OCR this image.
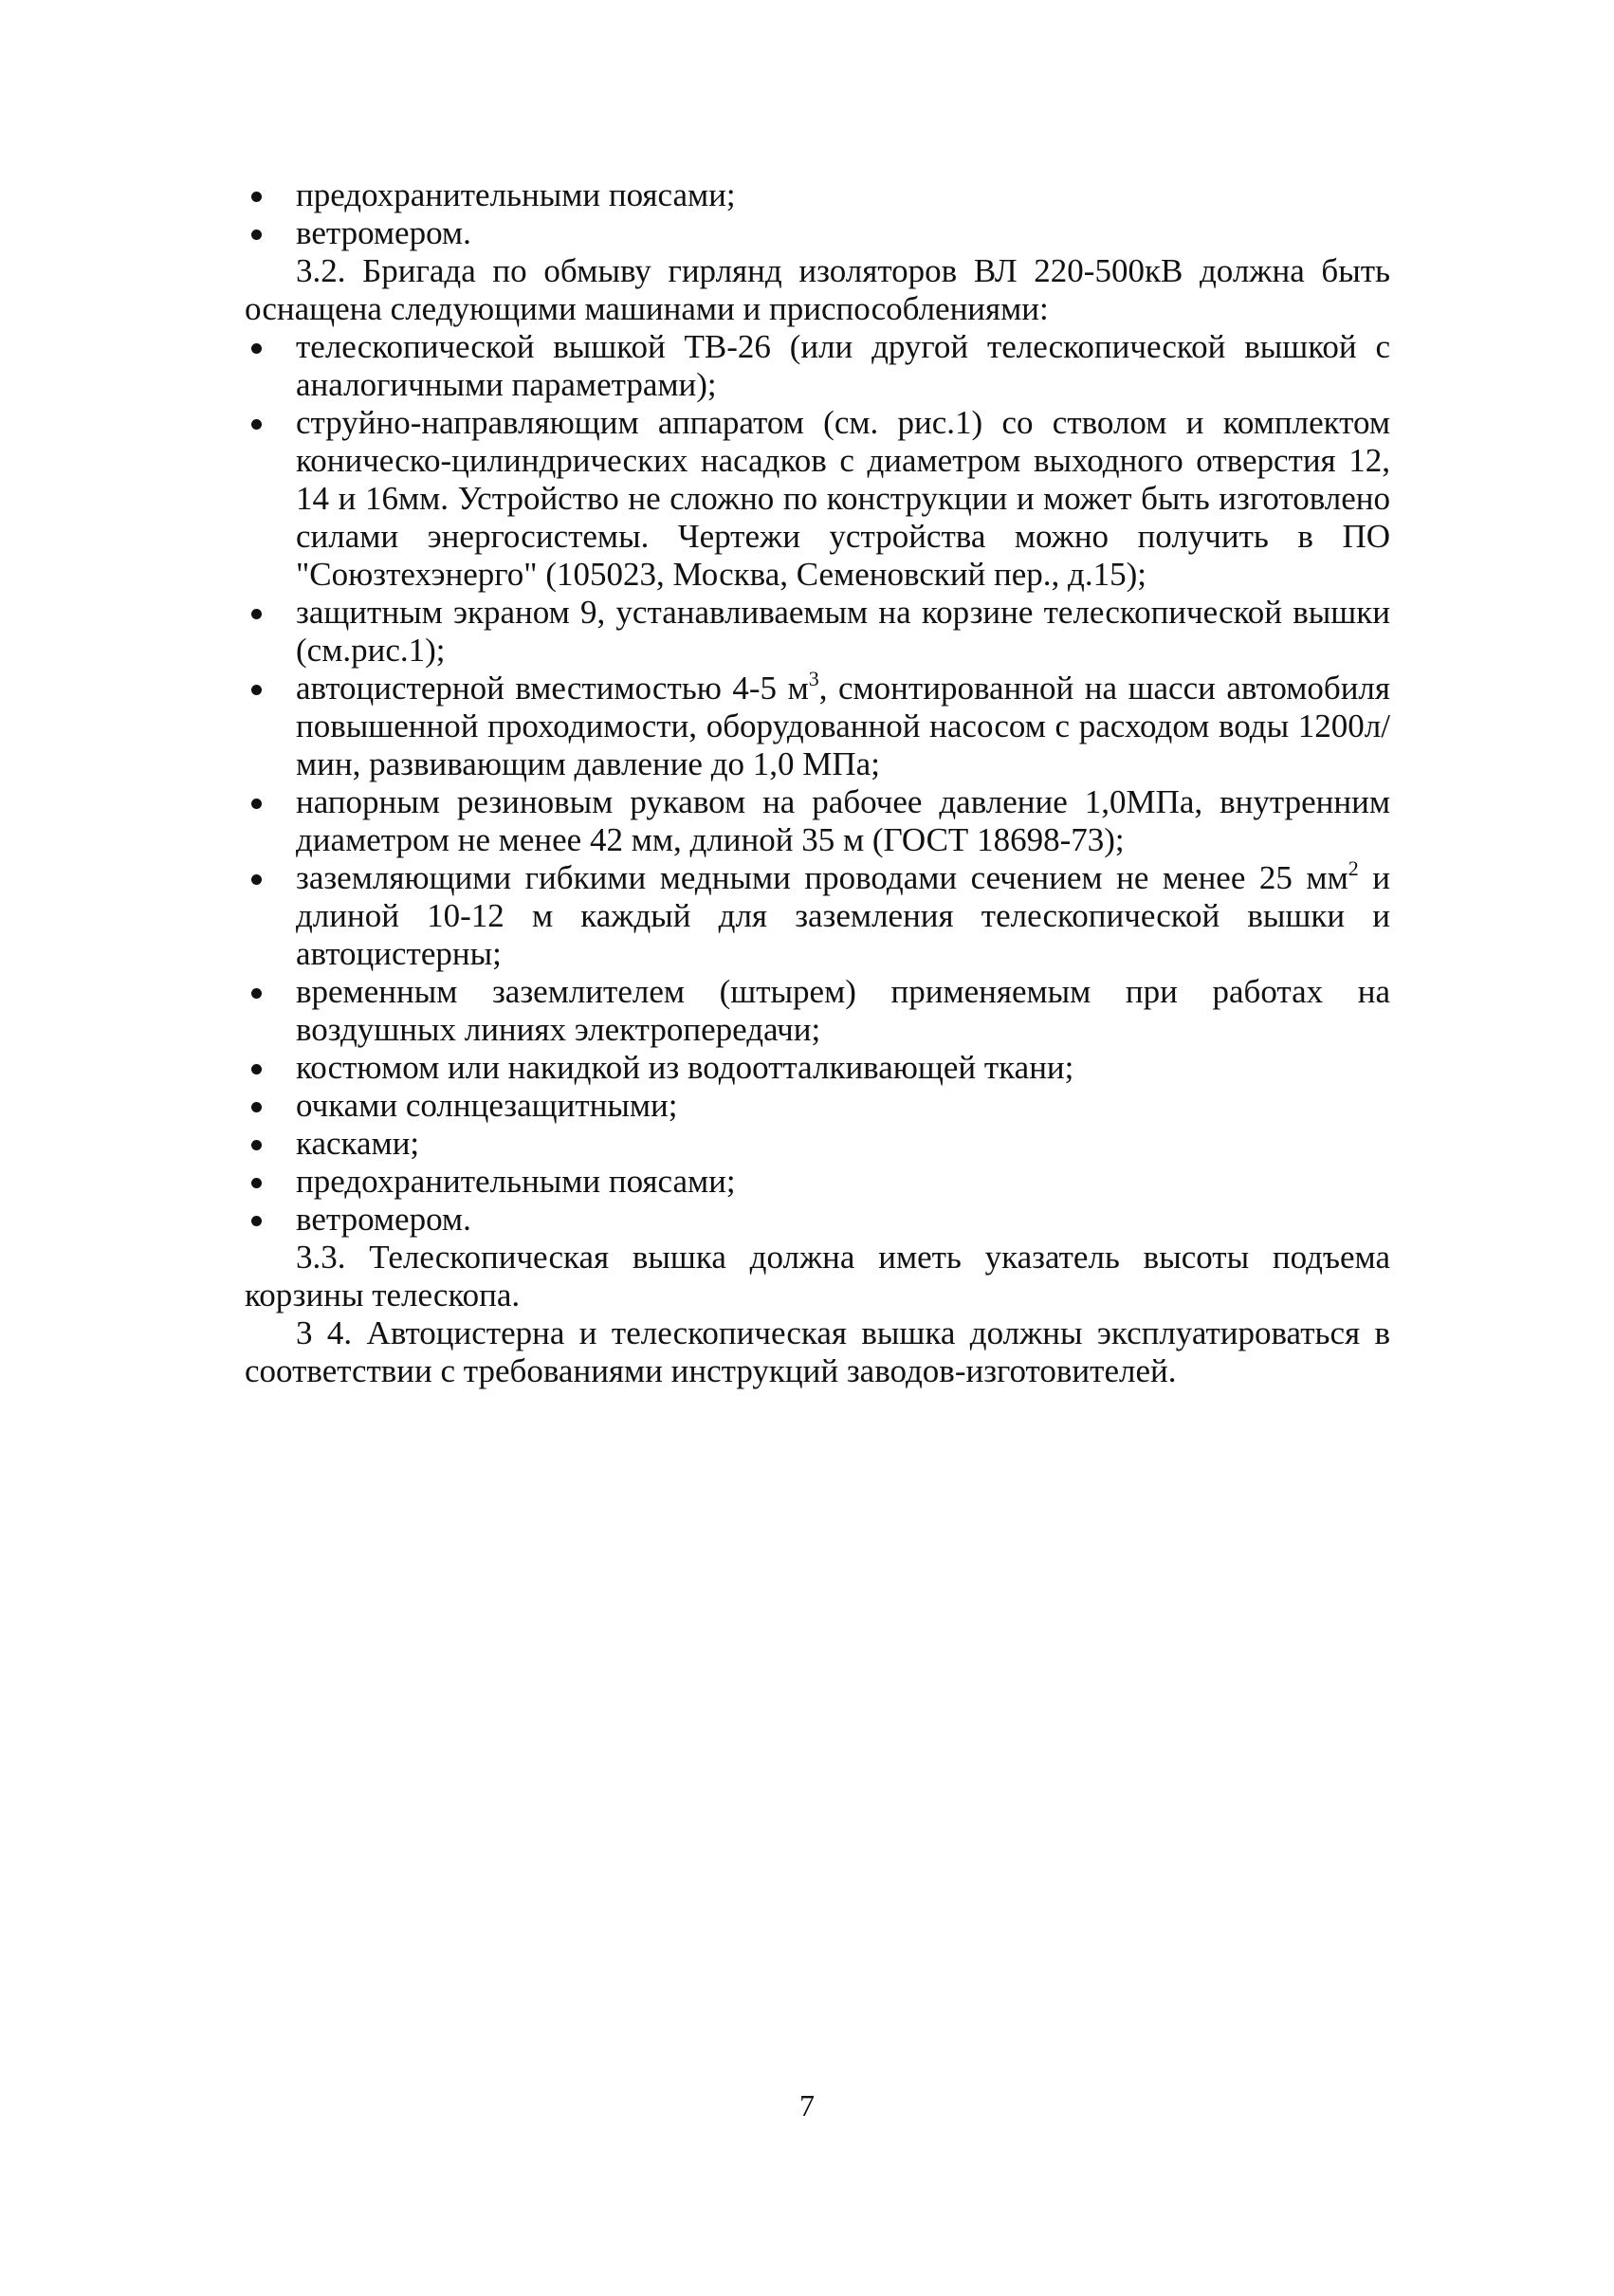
предохранительными поясами;
ветромером.

3.2. Бригада по обмыву гирлянд изоляторов ВЛ 220-500кВ должна быть оснащена следующими машинами и приспособлениями:

телескопической вышкой ТВ-26 (или другой телескопической вышкой с аналогичными параметрами);
струйно-направляющим аппаратом (см. рис.1) со стволом и комплектом коническо-цилиндрических насадков с диаметром выходного отверстия 12, 14 и 16мм. Устройство не сложно по конструкции и может быть изготовлено силами энергосистемы. Чертежи устройства можно получить в ПО "Союзтехэнерго" (105023, Москва, Семеновский пер., д.15);
защитным экраном 9, устанавливаемым на корзине телескопической вышки (см.рис.1);
автоцистерной вместимостью 4-5 $м^3$, смонтированной на шасси автомобиля повышенной проходимости, оборудованной насосом с расходом воды 1200л/мин, развивающим давление до 1,0 МПа;
напорным резиновым рукавом на рабочее давление 1,0МПа, внутренним диаметром не менее 42 мм, длиной 35 м (ГОСТ 18698-73);
заземляющими гибкими медными проводами сечением не менее 25 $мм^2$ и длиной 10-12 м каждый для заземления телескопической вышки и автоцистерны;
временным заземлителем (штырем) применяемым при работах на воздушных линиях электропередачи;
костюмом или накидкой из водоотталкивающей ткани;
очками солнцезащитными;
касками;
предохранительными поясами;
ветромером.

3.3. Телескопическая вышка должна иметь указатель высоты подъема корзины телескопа.

3 4. Автоцистерна и телескопическая вышка должны эксплуатироваться в соответствии с требованиями инструкций заводов-изготовителей.

7
